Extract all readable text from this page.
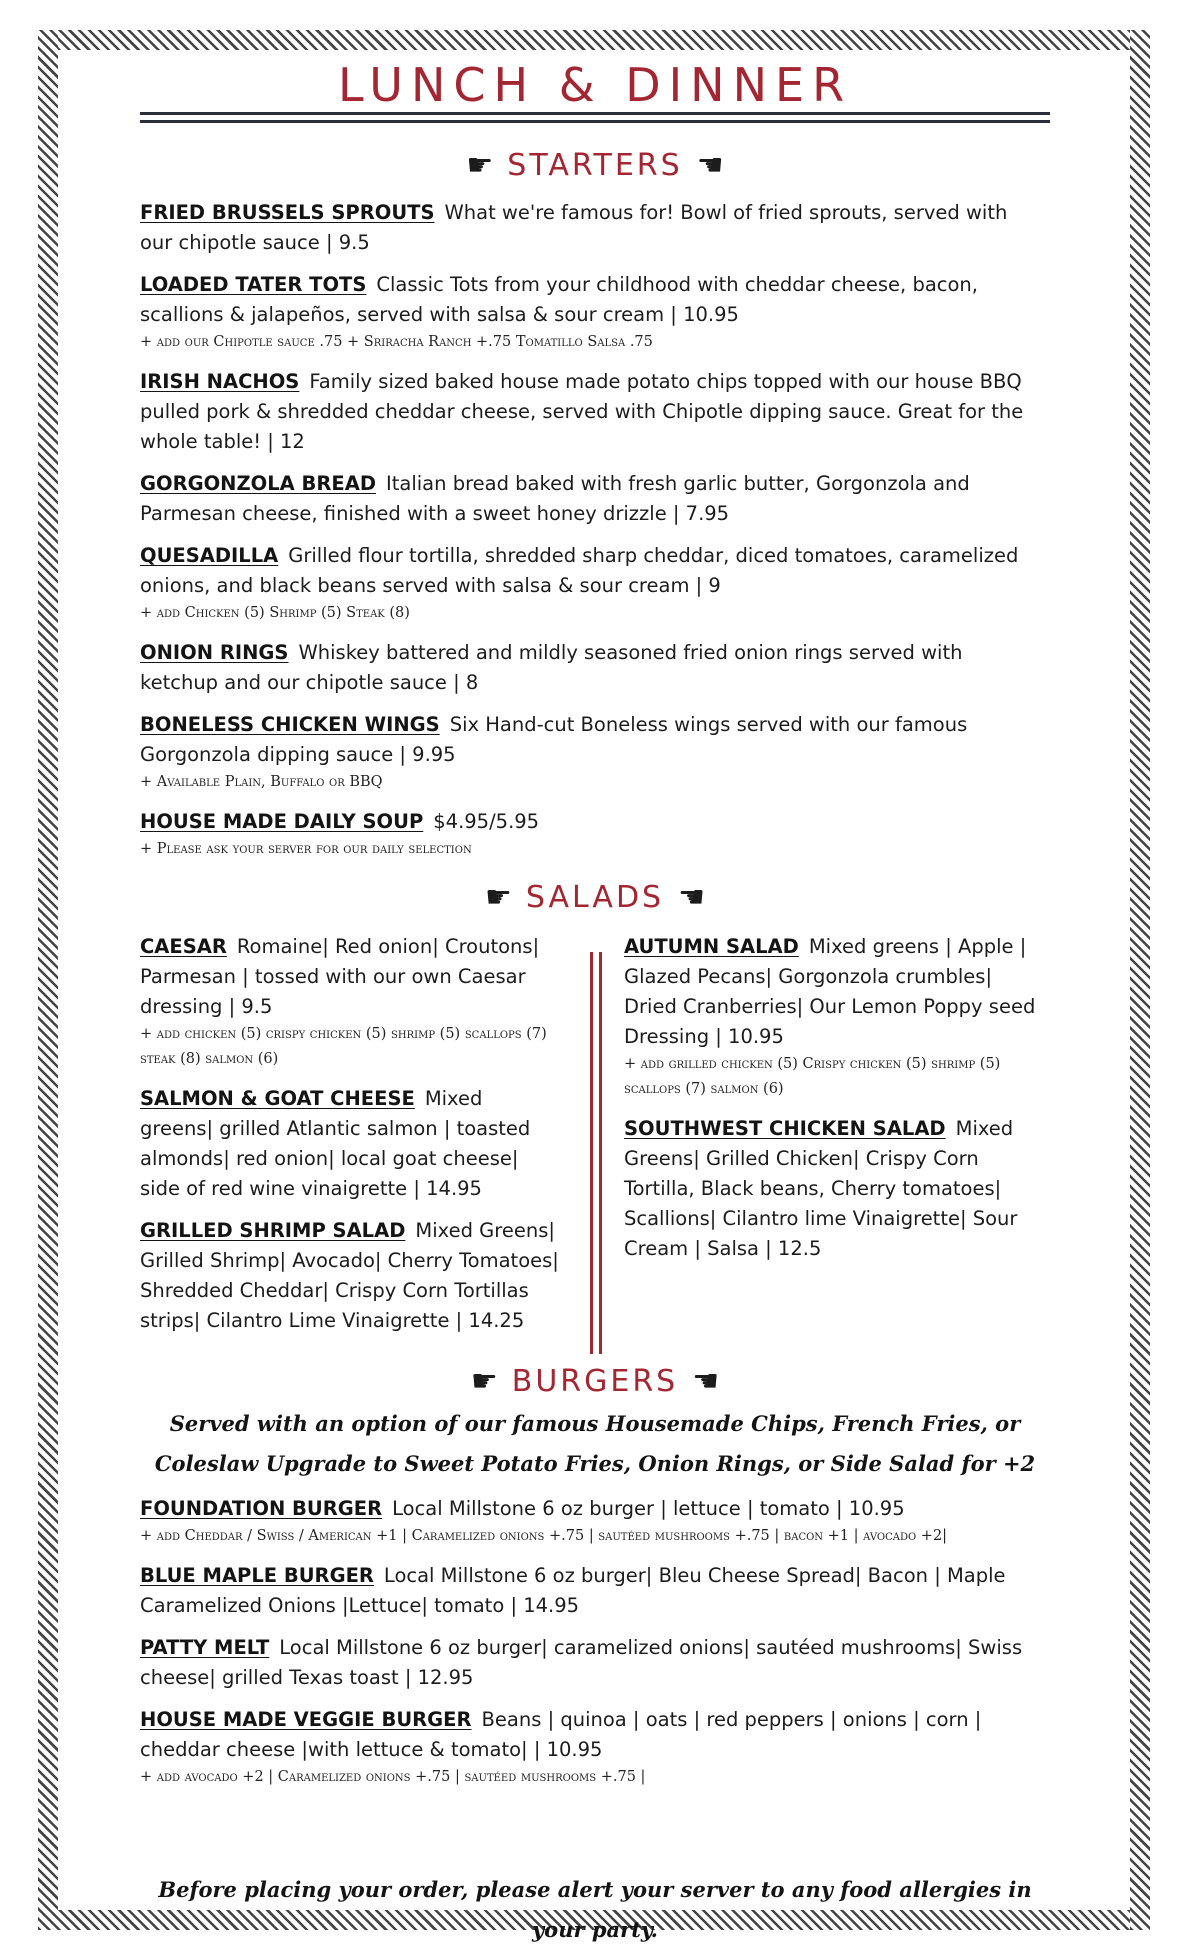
LUNCH & DINNER
☛ STARTERS ☚
FRIED BRUSSELS SPROUTS What we're famous for! Bowl of fried sprouts, served with our chipotle sauce | 9.5
LOADED TATER TOTS Classic Tots from your childhood with cheddar cheese, bacon, scallions & jalapeños, served with salsa & sour cream | 10.95
+ add our Chipotle sauce .75 + Sriracha Ranch +.75 Tomatillo Salsa .75
IRISH NACHOS Family sized baked house made potato chips topped with our house BBQ pulled pork & shredded cheddar cheese, served with Chipotle dipping sauce. Great for the whole table! | 12
GORGONZOLA BREAD Italian bread baked with fresh garlic butter, Gorgonzola and Parmesan cheese, finished with a sweet honey drizzle | 7.95
QUESADILLA Grilled flour tortilla, shredded sharp cheddar, diced tomatoes, caramelized onions, and black beans served with salsa & sour cream | 9
+ add Chicken (5) Shrimp (5) Steak (8)
ONION RINGS Whiskey battered and mildly seasoned fried onion rings served with ketchup and our chipotle sauce | 8
BONELESS CHICKEN WINGS Six Hand-cut Boneless wings served with our famous Gorgonzola dipping sauce | 9.95
+ Available Plain, Buffalo or BBQ
HOUSE MADE DAILY SOUP $4.95/5.95
+ Please ask your server for our daily selection
☛ SALADS ☚
CAESAR Romaine| Red onion| Croutons| Parmesan | tossed with our own Caesar dressing | 9.5
+ add chicken (5) crispy chicken (5) shrimp (5) scallops (7) steak (8) salmon (6)
SALMON & GOAT CHEESE Mixed greens| grilled Atlantic salmon | toasted almonds| red onion| local goat cheese| side of red wine vinaigrette | 14.95
GRILLED SHRIMP SALAD Mixed Greens| Grilled Shrimp| Avocado| Cherry Tomatoes| Shredded Cheddar| Crispy Corn Tortillas strips| Cilantro Lime Vinaigrette | 14.25
AUTUMN SALAD Mixed greens | Apple | Glazed Pecans| Gorgonzola crumbles| Dried Cranberries| Our Lemon Poppy seed Dressing | 10.95
+ add grilled chicken (5) Crispy chicken (5) shrimp (5) scallops (7) salmon (6)
SOUTHWEST CHICKEN SALAD Mixed Greens| Grilled Chicken| Crispy Corn Tortilla, Black beans, Cherry tomatoes| Scallions| Cilantro lime Vinaigrette| Sour Cream | Salsa | 12.5
☛ BURGERS ☚
Served with an option of our famous Housemade Chips, French Fries, or Coleslaw Upgrade to Sweet Potato Fries, Onion Rings, or Side Salad for +2
FOUNDATION BURGER Local Millstone 6 oz burger | lettuce | tomato | 10.95
+ add Cheddar / Swiss / American +1 | Caramelized onions +.75 | sautéed mushrooms +.75 | bacon +1 | avocado +2|
BLUE MAPLE BURGER Local Millstone 6 oz burger| Bleu Cheese Spread| Bacon | Maple Caramelized Onions |Lettuce| tomato | 14.95
PATTY MELT Local Millstone 6 oz burger| caramelized onions| sautéed mushrooms| Swiss cheese| grilled Texas toast | 12.95
HOUSE MADE VEGGIE BURGER Beans | quinoa | oats | red peppers | onions | corn | cheddar cheese |with lettuce & tomato| | 10.95
+ add avocado +2 | Caramelized onions +.75 | sautéed mushrooms +.75 |
Before placing your order, please alert your server to any food allergies in your party.
